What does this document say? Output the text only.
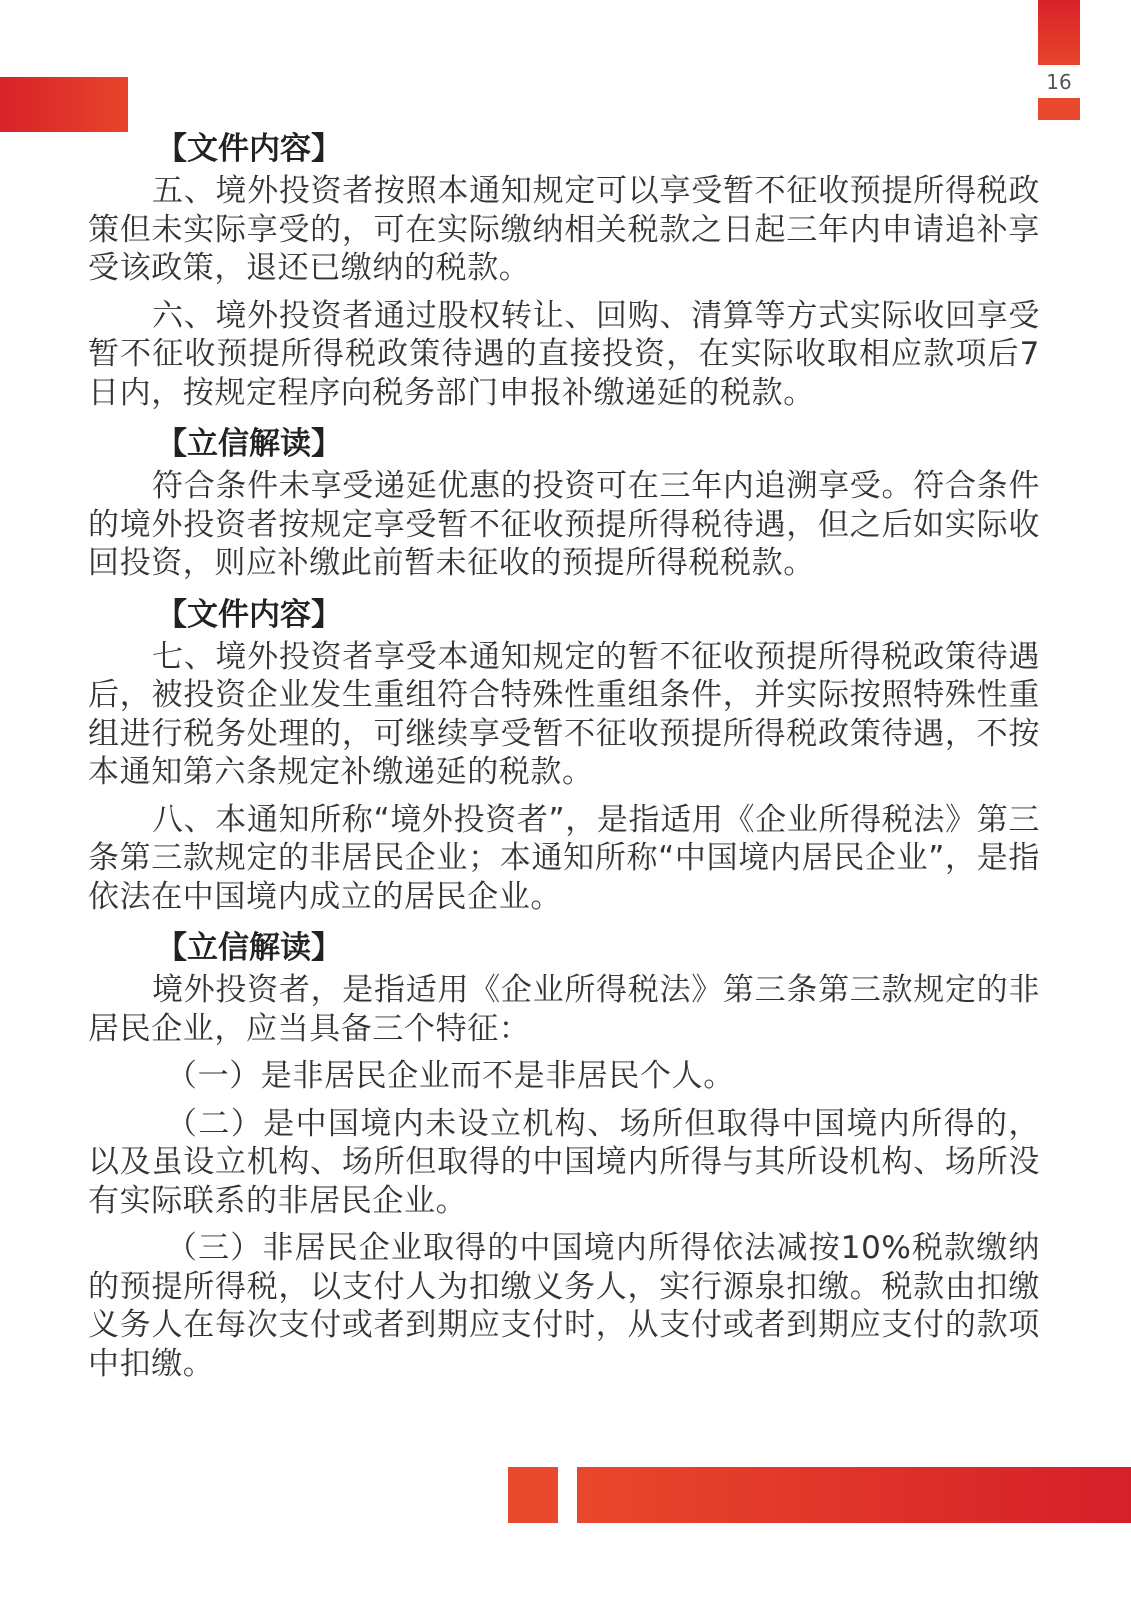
16

【文件内容】

五、境外投资者按照本通知规定可以享受暂不征收预提所得税政策但未实际享受的，可在实际缴纳相关税款之日起三年内申请追补享受该政策，退还已缴纳的税款。

六、境外投资者通过股权转让、回购、清算等方式实际收回享受暂不征收预提所得税政策待遇的直接投资，在实际收取相应款项后7日内，按规定程序向税务部门申报补缴递延的税款。

【立信解读】

符合条件未享受递延优惠的投资可在三年内追溯享受。符合条件的境外投资者按规定享受暂不征收预提所得税待遇，但之后如实际收回投资，则应补缴此前暂未征收的预提所得税税款。

【文件内容】

七、境外投资者享受本通知规定的暂不征收预提所得税政策待遇后，被投资企业发生重组符合特殊性重组条件，并实际按照特殊性重组进行税务处理的，可继续享受暂不征收预提所得税政策待遇，不按本通知第六条规定补缴递延的税款。

八、本通知所称“境外投资者”，是指适用《企业所得税法》第三条第三款规定的非居民企业；本通知所称“中国境内居民企业”，是指依法在中国境内成立的居民企业。

【立信解读】

境外投资者，是指适用《企业所得税法》第三条第三款规定的非居民企业，应当具备三个特征：

（一）是非居民企业而不是非居民个人。

（二）是中国境内未设立机构、场所但取得中国境内所得的，以及虽设立机构、场所但取得的中国境内所得与其所设机构、场所没有实际联系的非居民企业。

（三）非居民企业取得的中国境内所得依法减按10%税款缴纳的预提所得税，以支付人为扣缴义务人，实行源泉扣缴。税款由扣缴义务人在每次支付或者到期应支付时，从支付或者到期应支付的款项中扣缴。
